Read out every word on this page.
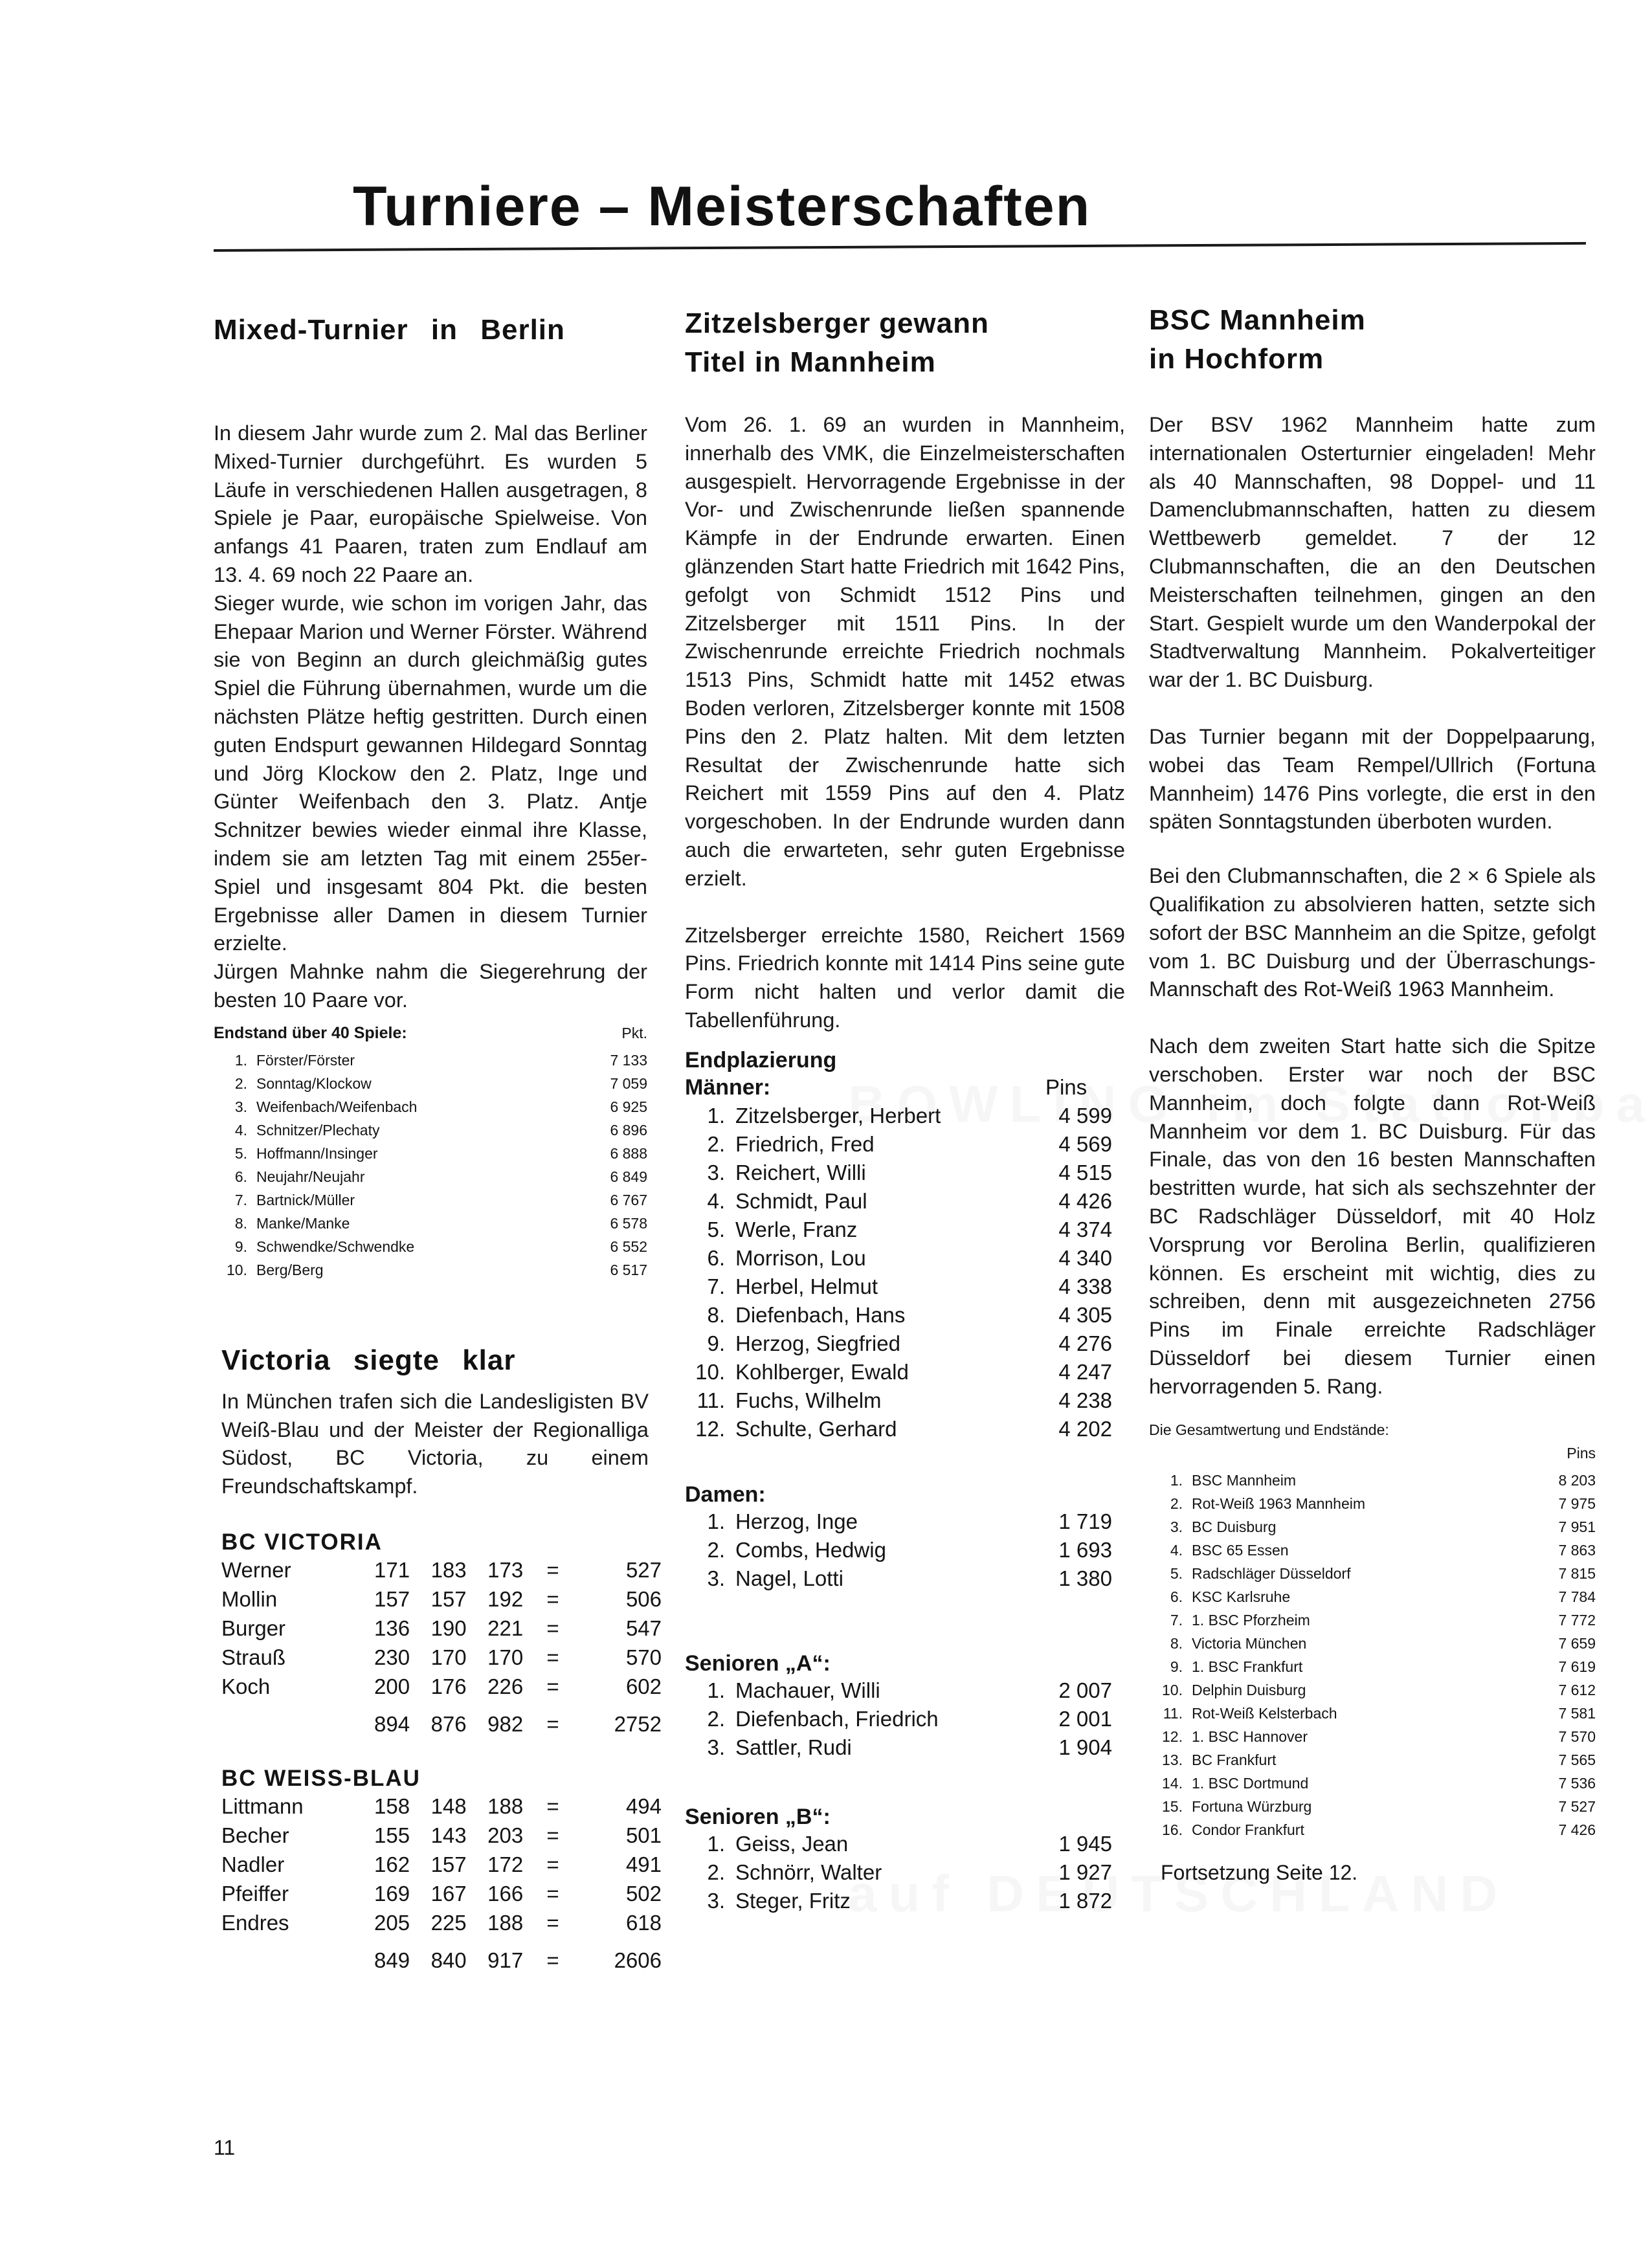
Turniere – Meisterschaften
Mixed-Turnier in Berlin

In diesem Jahr wurde zum 2. Mal das Berliner Mixed-Turnier durchgeführt. Es wurden 5 Läufe in verschiedenen Hallen ausgetragen, 8 Spiele je Paar, europäische Spielweise. Von anfangs 41 Paaren, traten zum Endlauf am 13. 4. 69 noch 22 Paare an.

Sieger wurde, wie schon im vorigen Jahr, das Ehepaar Marion und Werner Förster. Während sie von Beginn an durch gleichmäßig gutes Spiel die Führung übernahmen, wurde um die nächsten Plätze heftig gestritten. Durch einen guten Endspurt gewannen Hildegard Sonntag und Jörg Klockow den 2. Platz, Inge und Günter Weifenbach den 3. Platz. Antje Schnitzer bewies wieder einmal ihre Klasse, indem sie am letzten Tag mit einem 255er-Spiel und insgesamt 804 Pkt. die besten Ergebnisse aller Damen in diesem Turnier erzielte.

Jürgen Mahnke nahm die Siegerehrung der besten 10 Paare vor.

Endstand über 40 Spiele:		Pkt.

1.	Förster/Förster	7 133
2.	Sonntag/Klockow	7 059
3.	Weifenbach/Weifenbach	6 925
4.	Schnitzer/Plechaty	6 896
5.	Hoffmann/Insinger	6 888
6.	Neujahr/Neujahr	6 849
7.	Bartnick/Müller	6 767
8.	Manke/Manke	6 578
9.	Schwendke/Schwendke	6 552
10.	Berg/Berg	6 517
Victoria siegte klar

In München trafen sich die Landesligisten BV Weiß-Blau und der Meister der Regionalliga Südost, BC Victoria, zu einem Freundschaftskampf.

BC VICTORIA
Werner	171	183	173	=	527
Mollin	157	157	192	=	506
Burger	136	190	221	=	547
Strauß	230	170	170	=	570
Koch	200	176	226	=	602
	894	876	982	=	2752
BC WEISS-BLAU
Littmann	158	148	188	=	494
Becher	155	143	203	=	501
Nadler	162	157	172	=	491
Pfeiffer	169	167	166	=	502
Endres	205	225	188	=	618
	849	840	917	=	2606
Zitzelsberger gewann
Titel in Mannheim

Vom 26. 1. 69 an wurden in Mannheim, innerhalb des VMK, die Einzelmeisterschaften ausgespielt. Hervorragende Ergebnisse in der Vor- und Zwischenrunde ließen spannende Kämpfe in der Endrunde erwarten. Einen glänzenden Start hatte Friedrich mit 1642 Pins, gefolgt von Schmidt 1512 Pins und Zitzelsberger mit 1511 Pins. In der Zwischenrunde erreichte Friedrich nochmals 1513 Pins, Schmidt hatte mit 1452 etwas Boden verloren, Zitzelsberger konnte mit 1508 Pins den 2. Platz halten. Mit dem letzten Resultat der Zwischenrunde hatte sich Reichert mit 1559 Pins auf den 4. Platz vorgeschoben. In der Endrunde wurden dann auch die erwarteten, sehr guten Ergebnisse erzielt.

Zitzelsberger erreichte 1580, Reichert 1569 Pins. Friedrich konnte mit 1414 Pins seine gute Form nicht halten und verlor damit die Tabellenführung.

Endplazierung
Männer:		Pins
1.	Zitzelsberger, Herbert	4 599
2.	Friedrich, Fred	4 569
3.	Reichert, Willi	4 515
4.	Schmidt, Paul	4 426
5.	Werle, Franz	4 374
6.	Morrison, Lou	4 340
7.	Herbel, Helmut	4 338
8.	Diefenbach, Hans	4 305
9.	Herzog, Siegfried	4 276
10.	Kohlberger, Ewald	4 247
11.	Fuchs, Wilhelm	4 238
12.	Schulte, Gerhard	4 202
Damen:
1.	Herzog, Inge	1 719
2.	Combs, Hedwig	1 693
3.	Nagel, Lotti	1 380
Senioren „A“:
1.	Machauer, Willi	2 007
2.	Diefenbach, Friedrich	2 001
3.	Sattler, Rudi	1 904
Senioren „B“:
1.	Geiss, Jean	1 945
2.	Schnörr, Walter	1 927
3.	Steger, Fritz	1 872
BSC Mannheim
in Hochform

Der BSV 1962 Mannheim hatte zum internationalen Osterturnier eingeladen! Mehr als 40 Mannschaften, 98 Doppel- und 11 Damenclubmannschaften, hatten zu diesem Wettbewerb gemeldet. 7 der 12 Clubmannschaften, die an den Deutschen Meisterschaften teilnehmen, gingen an den Start. Gespielt wurde um den Wanderpokal der Stadtverwaltung Mannheim. Pokalverteitiger war der 1. BC Duisburg.

Das Turnier begann mit der Doppelpaarung, wobei das Team Rempel/Ullrich (Fortuna Mannheim) 1476 Pins vorlegte, die erst in den späten Sonntagstunden überboten wurden.

Bei den Clubmannschaften, die 2 × 6 Spiele als Qualifikation zu absolvieren hatten, setzte sich sofort der BSC Mannheim an die Spitze, gefolgt vom 1. BC Duisburg und der Überraschungs-Mannschaft des Rot-Weiß 1963 Mannheim.

Nach dem zweiten Start hatte sich die Spitze verschoben. Erster war noch der BSC Mannheim, doch folgte dann Rot-Weiß Mannheim vor dem 1. BC Duisburg. Für das Finale, das von den 16 besten Mannschaften bestritten wurde, hat sich als sechszehnter der BC Radschläger Düsseldorf, mit 40 Holz Vorsprung vor Berolina Berlin, qualifizieren können. Es erscheint mit wichtig, dies zu schreiben, denn mit ausgezeichneten 2756 Pins im Finale erreichte Radschläger Düsseldorf bei diesem Turnier einen hervorragenden 5. Rang.

Die Gesamtwertung und Endstände:		
		Pins

1.	BSC Mannheim	8 203
2.	Rot-Weiß 1963 Mannheim	7 975
3.	BC Duisburg	7 951
4.	BSC 65 Essen	7 863
5.	Radschläger Düsseldorf	7 815
6.	KSC Karlsruhe	7 784
7.	1. BSC Pforzheim	7 772
8.	Victoria München	7 659
9.	1. BSC Frankfurt	7 619
10.	Delphin Duisburg	7 612
11.	Rot-Weiß Kelsterbach	7 581
12.	1. BSC Hannover	7 570
13.	BC Frankfurt	7 565
14.	1. BSC Dortmund	7 536
15.	Fortuna Würzburg	7 527
16.	Condor Frankfurt	7 426
Fortsetzung Seite 12.
11
